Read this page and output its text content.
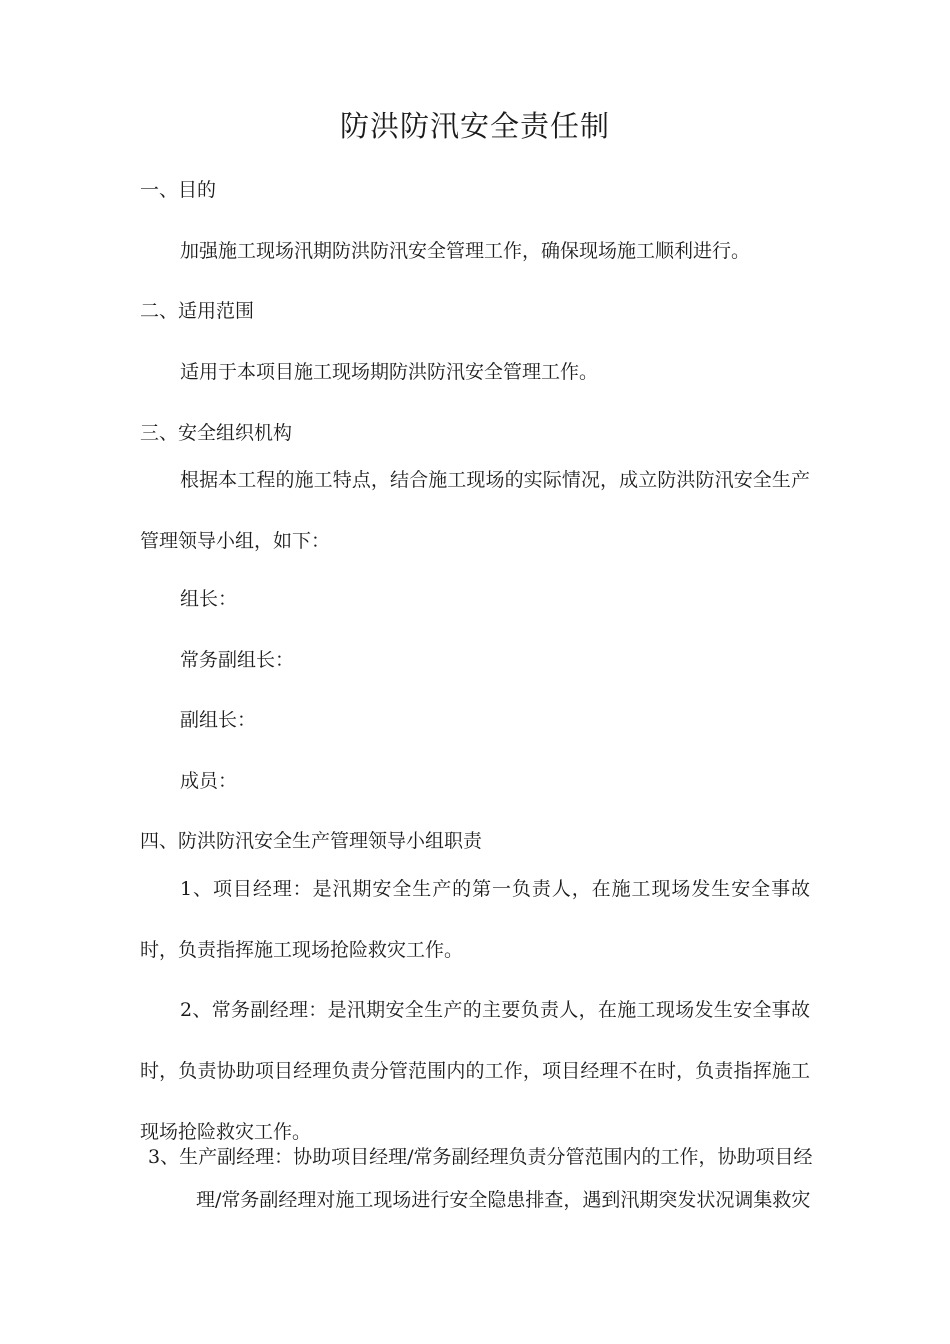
防洪防汛安全责任制

一、目的

加强施工现场汛期防洪防汛安全管理工作，确保现场施工顺利进行。

二、适用范围

适用于本项目施工现场期防洪防汛安全管理工作。

三、安全组织机构

根据本工程的施工特点，结合施工现场的实际情况，成立防洪防汛安全生产管理领导小组，如下：

组长：

常务副组长：

副组长：

成员：

四、防洪防汛安全生产管理领导小组职责

1、项目经理：是汛期安全生产的第一负责人，在施工现场发生安全事故时，负责指挥施工现场抢险救灾工作。

2、常务副经理：是汛期安全生产的主要负责人，在施工现场发生安全事故时，负责协助项目经理负责分管范围内的工作，项目经理不在时，负责指挥施工现场抢险救灾工作。

3、生产副经理：协助项目经理/常务副经理负责分管范围内的工作，协助项目经

理/常务副经理对施工现场进行安全隐患排查，遇到汛期突发状况调集救灾
